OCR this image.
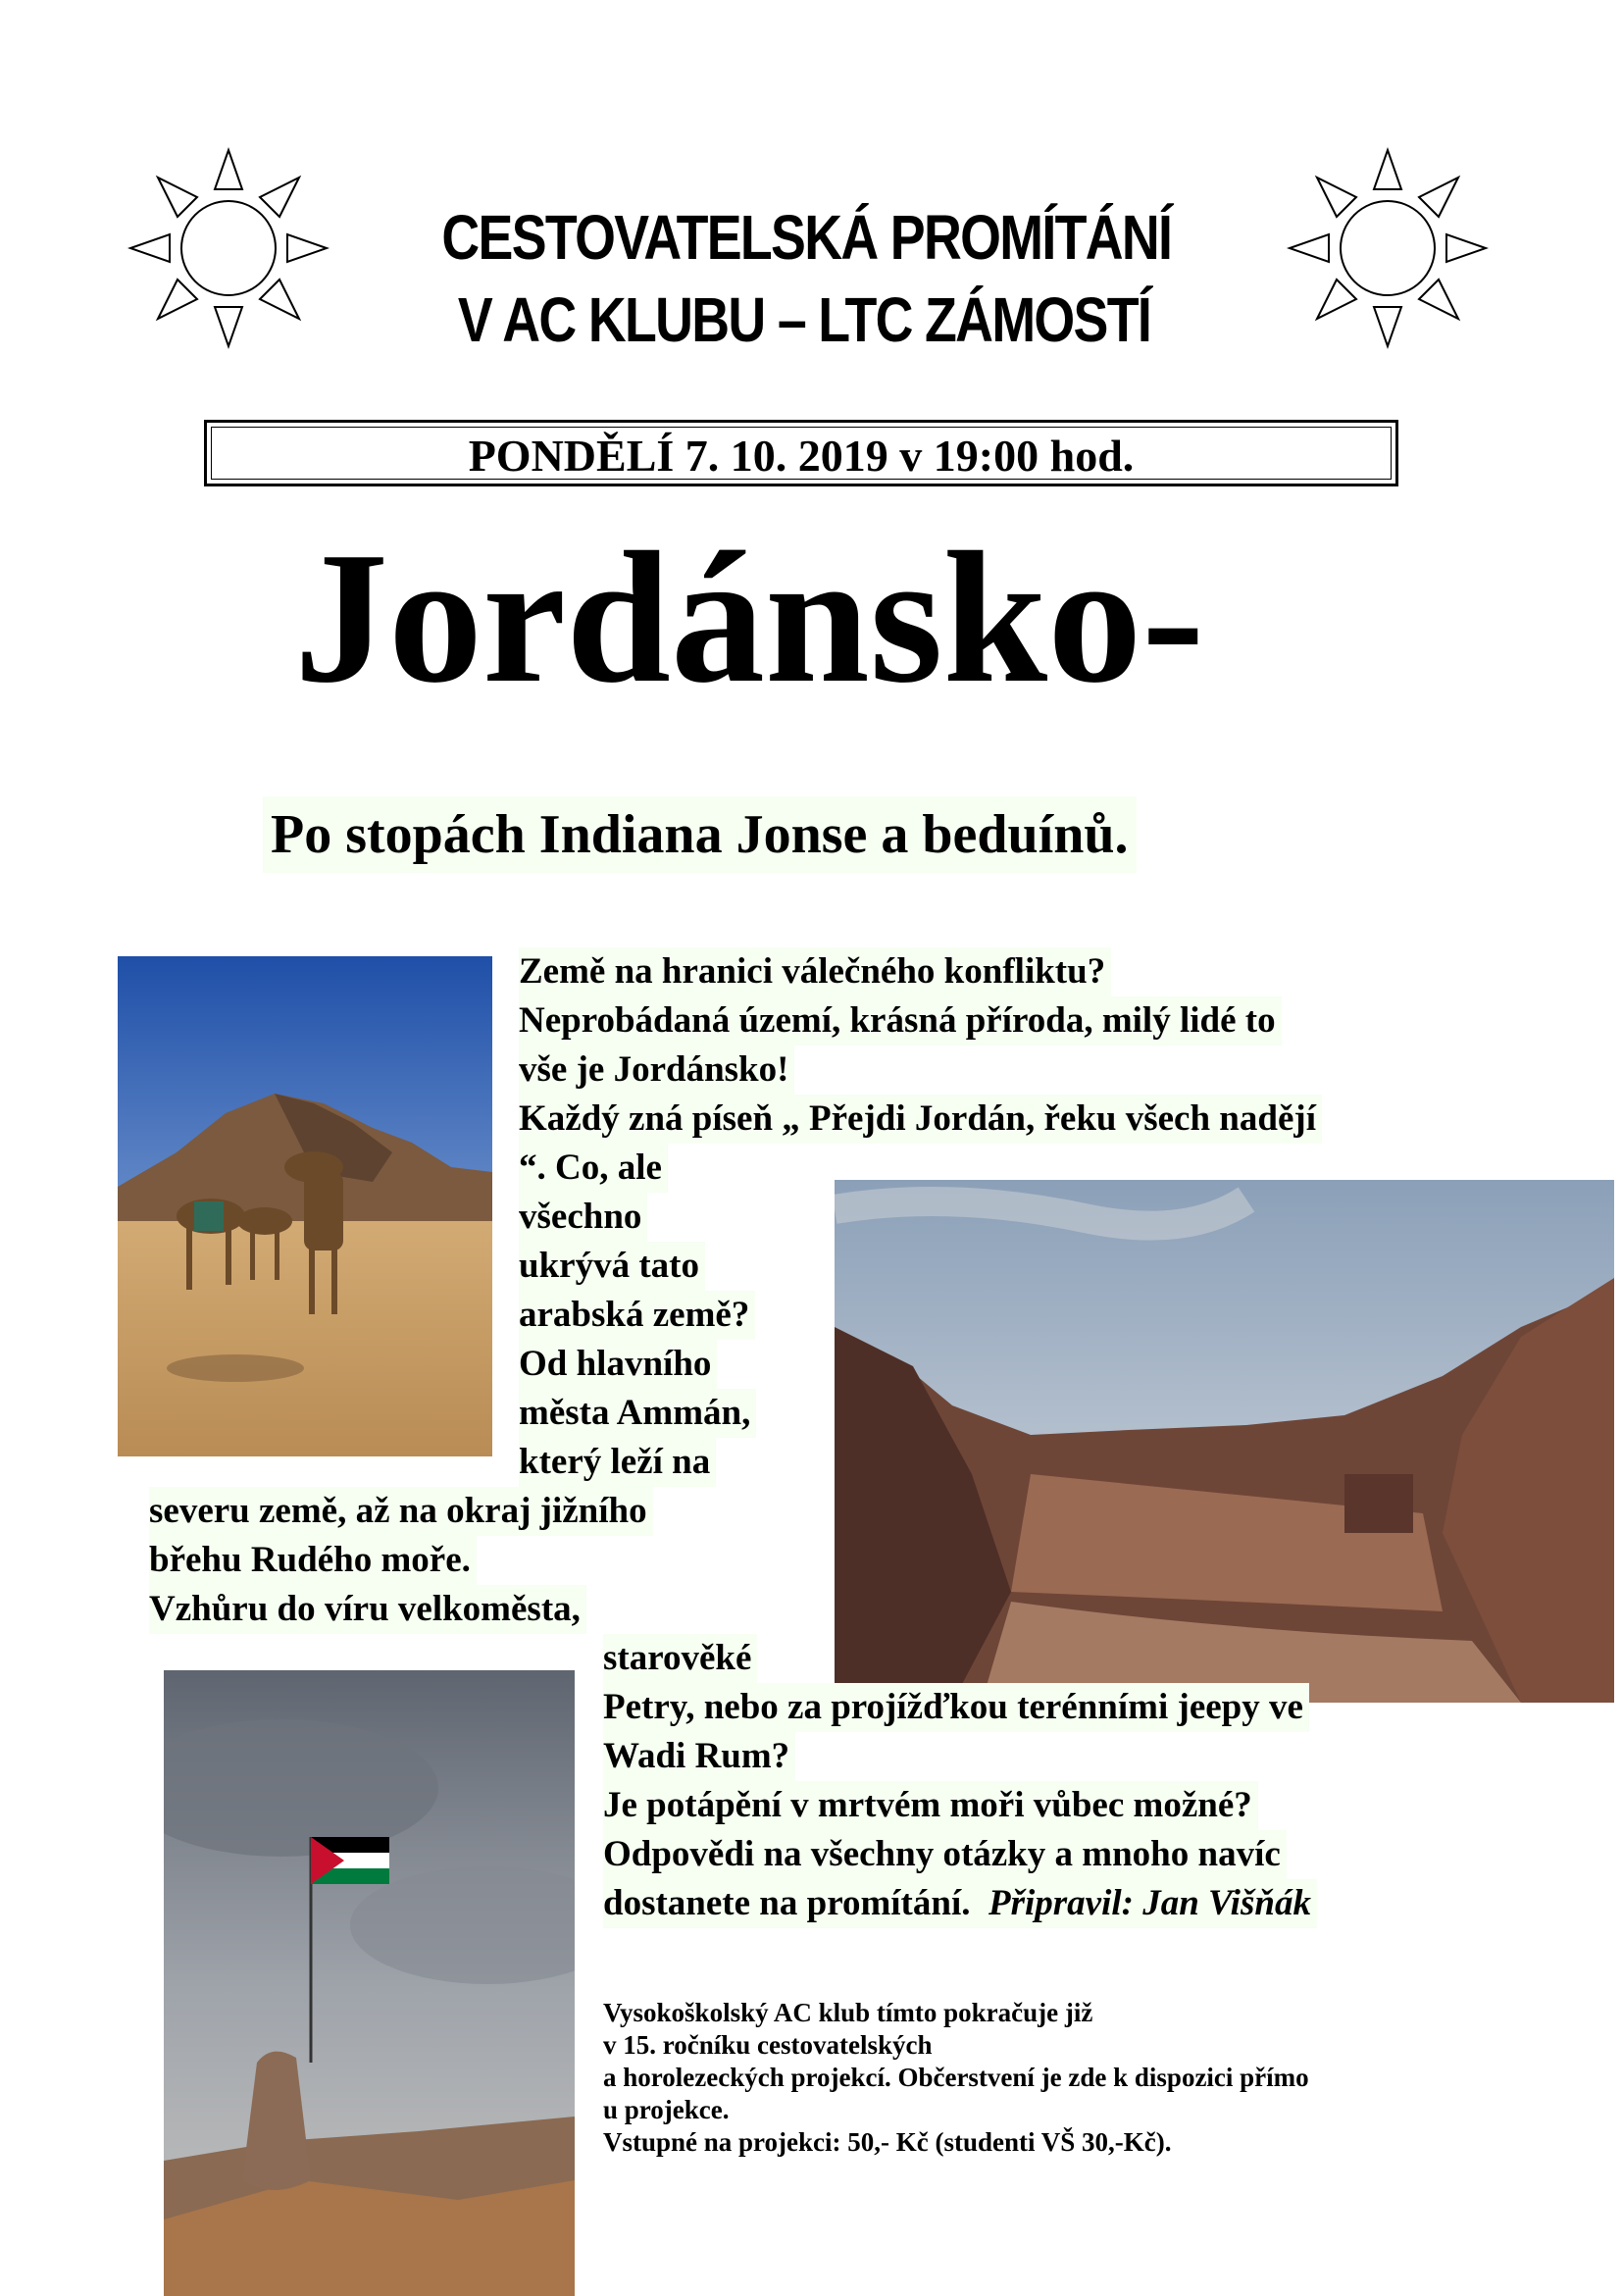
CESTOVATELSKÁ PROMÍTÁNÍ
V AC KLUBU – LTC ZÁMOSTÍ
PONDĚLÍ 7. 10. 2019 v 19:00 hod.
Jordánsko-
Po stopách Indiana Jonse a beduínů.
Země na hranici válečného konfliktu?
Neprobádaná území, krásná příroda, milý lidé to
vše je Jordánsko!
Každý zná píseň „ Přejdi Jordán, řeku všech nadějí
“. Co, ale
všechno
ukrývá tato
arabská země?
Od hlavního
města Ammán,
který leží na
severu země, až na okraj jižního
břehu Rudého moře.
Vzhůru do víru velkoměsta,
starověké
Petry, nebo za projížďkou terénními jeepy ve
Wadi Rum?
Je potápění v mrtvém moři vůbec možné?
Odpovědi na všechny otázky a mnoho navíc
dostanete na promítání. Připravil: Jan Višňák
Vysokoškolský AC klub tímto pokračuje již
v 15. ročníku cestovatelských
a horolezeckých projekcí. Občerstvení je zde k dispozici přímo
u projekce.
Vstupné na projekci: 50,- Kč (studenti VŠ 30,-Kč).
